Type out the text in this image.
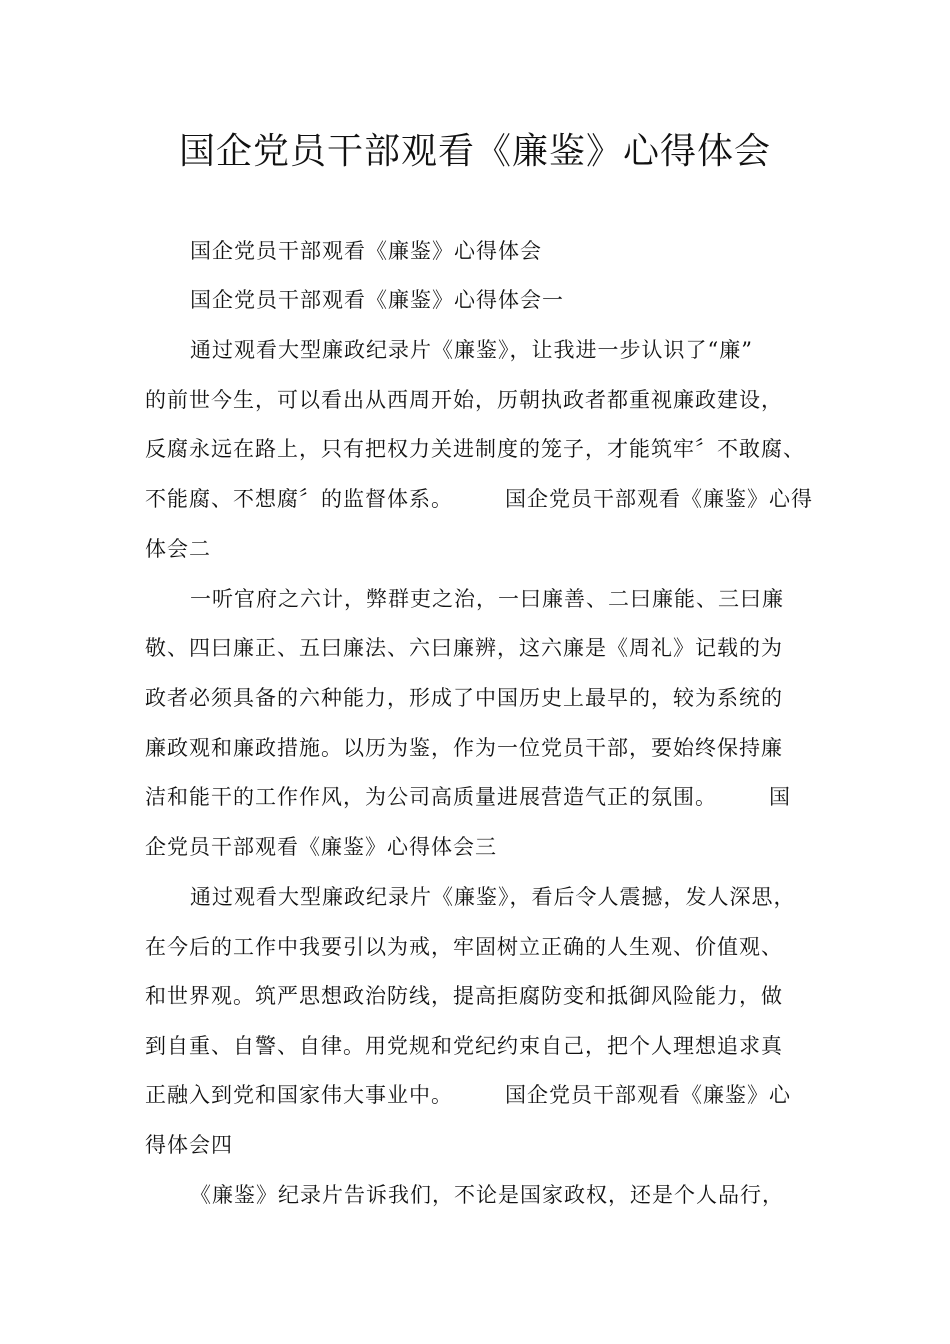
国企党员干部观看《廉鉴》心得体会
国企党员干部观看《廉鉴》心得体会
国企党员干部观看《廉鉴》心得体会一
通过观看大型廉政纪录片《廉鉴》，让我进一步认识了“廉”
的前世今生，可以看出从西周开始，历朝执政者都重视廉政建设，
反腐永远在路上，只有把权力关进制度的笼子，才能筑牢〞不敢腐、
不能腐、不想腐〞的监督体系。 国企党员干部观看《廉鉴》心得
体会二
一听官府之六计，弊群吏之治，一曰廉善、二曰廉能、三曰廉
敬、四曰廉正、五曰廉法、六曰廉辨，这六廉是《周礼》记载的为
政者必须具备的六种能力，形成了中国历史上最早的，较为系统的
廉政观和廉政措施。以历为鉴，作为一位党员干部，要始终保持廉
洁和能干的工作作风，为公司高质量进展营造气正的氛围。 国
企党员干部观看《廉鉴》心得体会三
通过观看大型廉政纪录片《廉鉴》，看后令人震撼，发人深思，
在今后的工作中我要引以为戒，牢固树立正确的人生观、价值观、
和世界观。筑严思想政治防线，提高拒腐防变和抵御风险能力，做
到自重、自警、自律。用党规和党纪约束自己，把个人理想追求真
正融入到党和国家伟大事业中。 国企党员干部观看《廉鉴》心
得体会四
《廉鉴》纪录片告诉我们，不论是国家政权，还是个人品行，
